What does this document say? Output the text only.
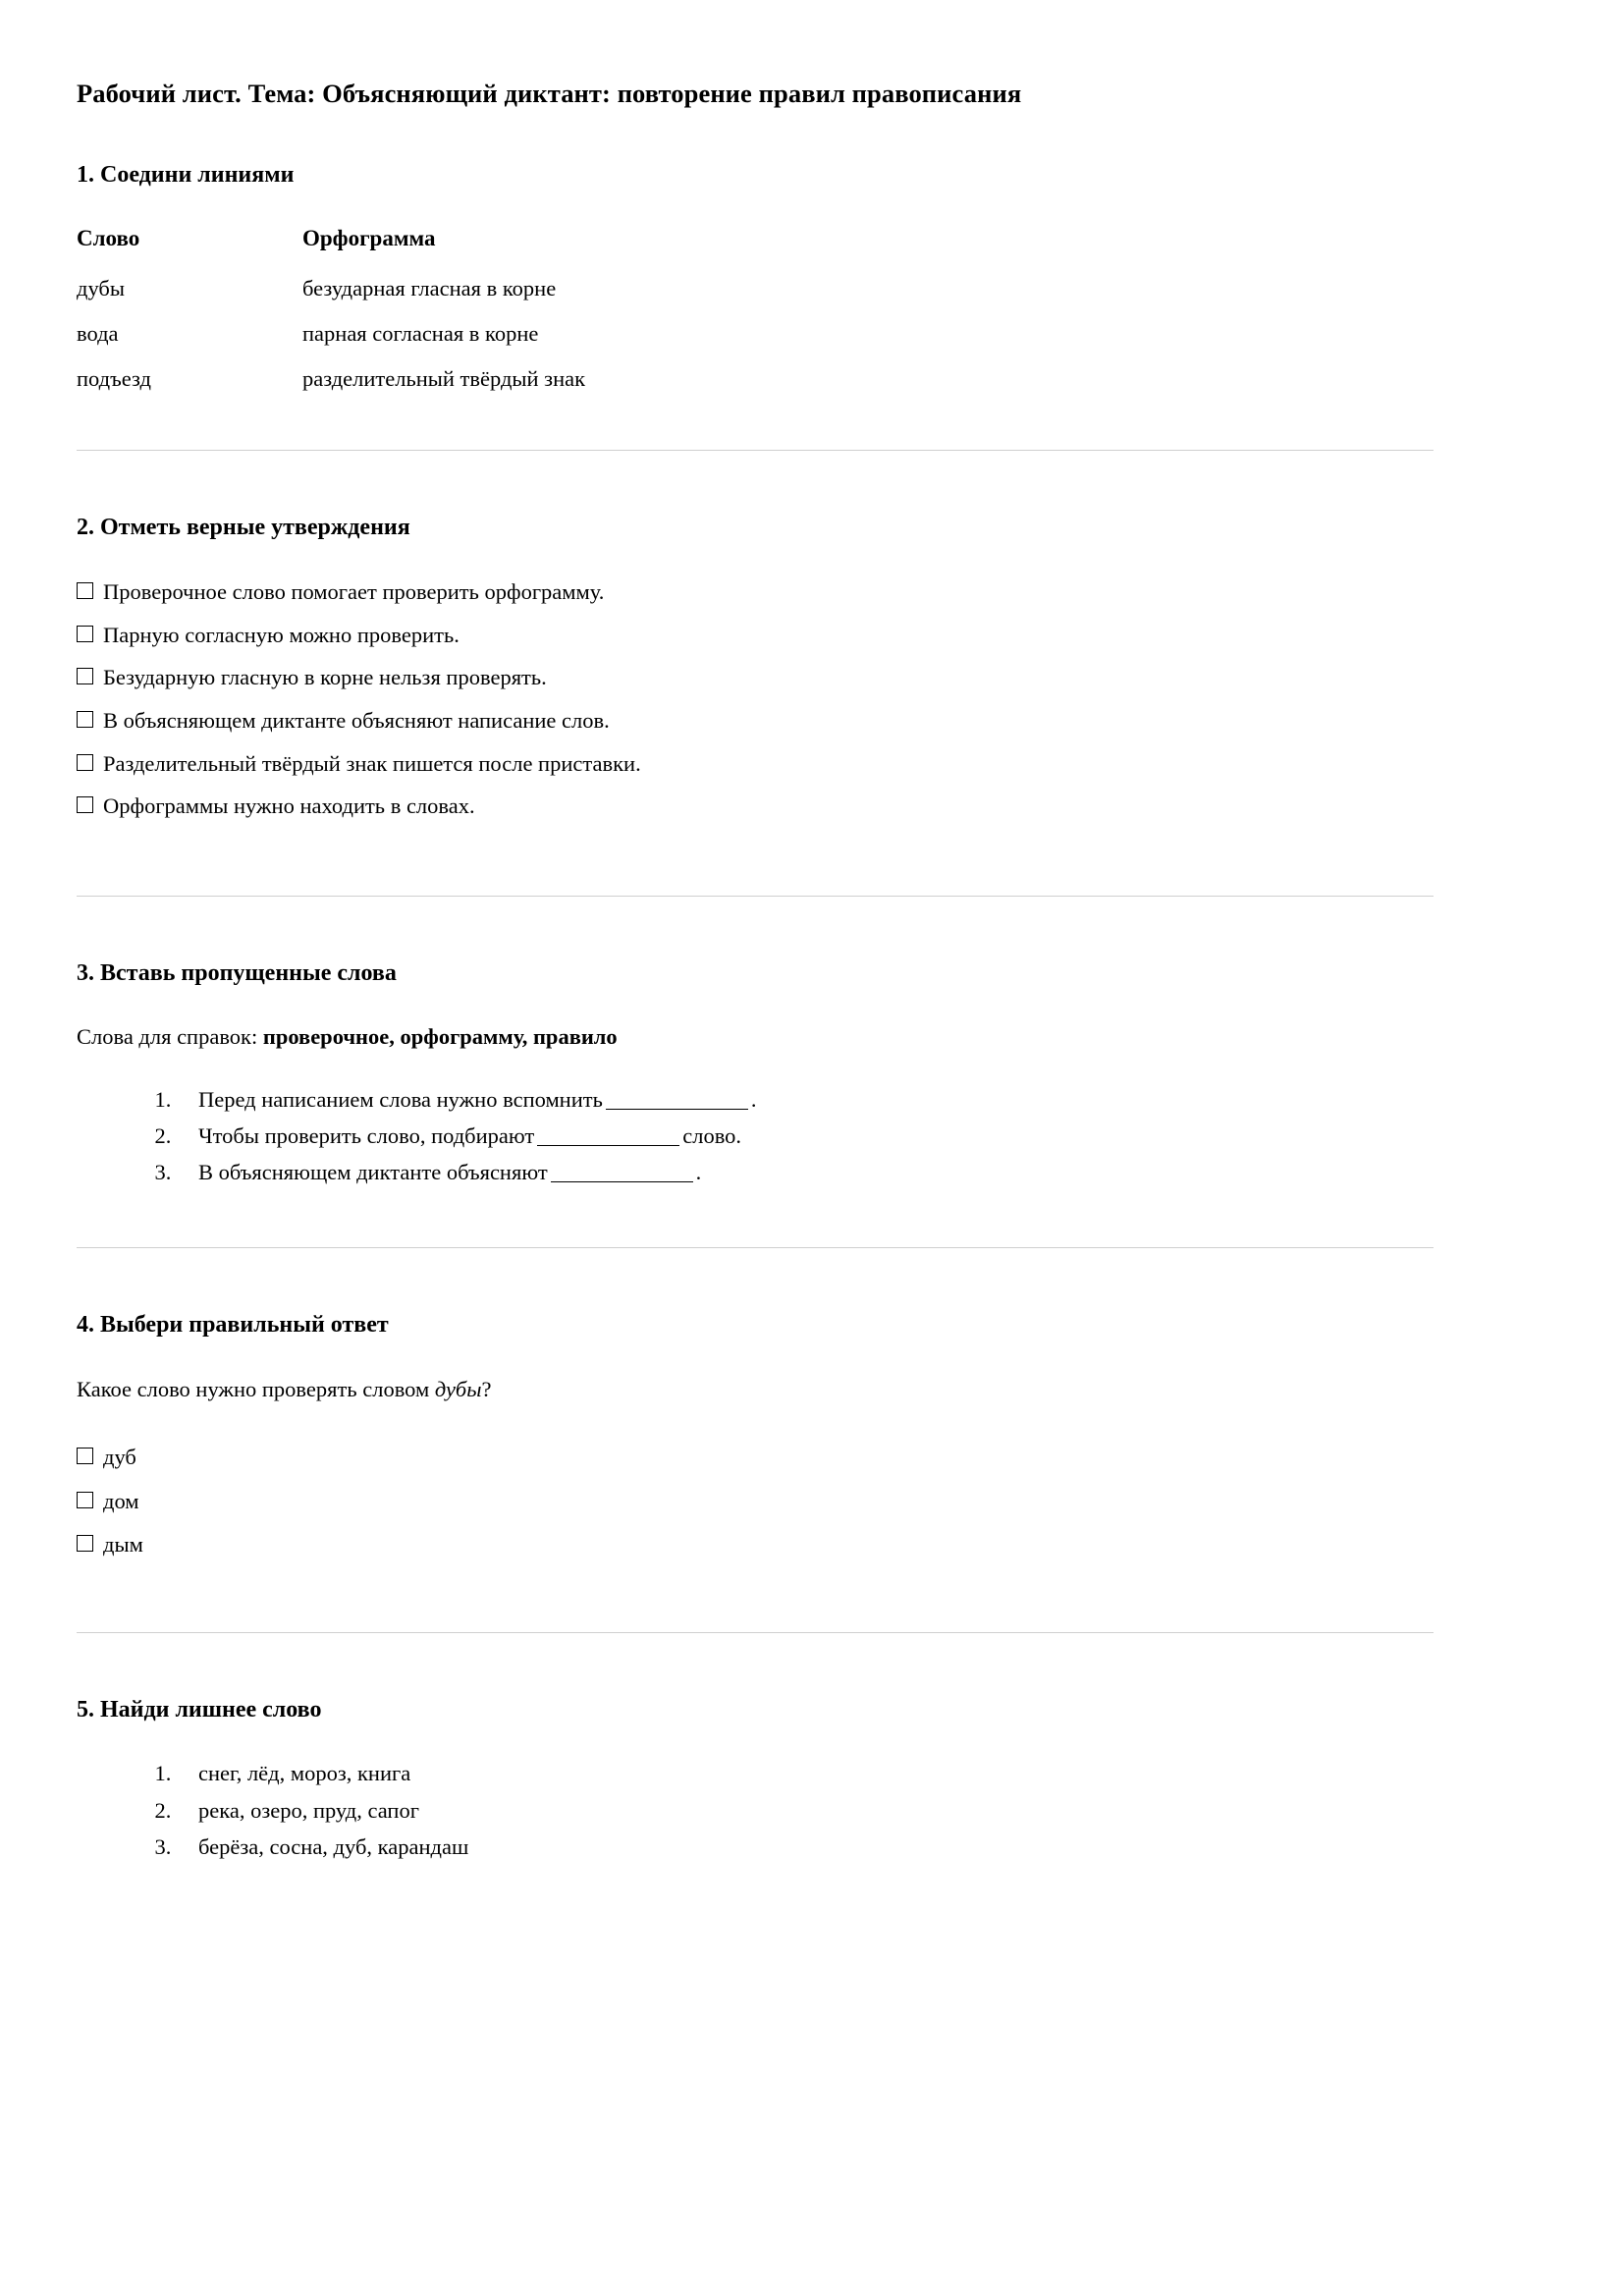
Рабочий лист. Тема: Объясняющий диктант: повторение правил правописания
1. Соедини линиями
Слово	Орфограмма
дубы	безударная гласная в корне
вода	парная согласная в корне
подъезд	разделительный твёрдый знак
2. Отметь верные утверждения
Проверочное слово помогает проверить орфограмму.
Парную согласную можно проверить.
Безударную гласную в корне нельзя проверять.
В объясняющем диктанте объясняют написание слов.
Разделительный твёрдый знак пишется после приставки.
Орфограммы нужно находить в словах.
3. Вставь пропущенные слова

Слова для справок: проверочное, орфограмму, правило

1. Перед написанием слова нужно вспомнить	.
2. Чтобы проверить слово, подбирают	слово.
3. В объясняющем диктанте объясняют	.
4. Выбери правильный ответ

Какое слово нужно проверять словом дубы?

дуб
дом
дым
5. Найди лишнее слово
1. снег, лёд, мороз, книга
2. река, озеро, пруд, сапог
3. берёза, сосна, дуб, карандаш
